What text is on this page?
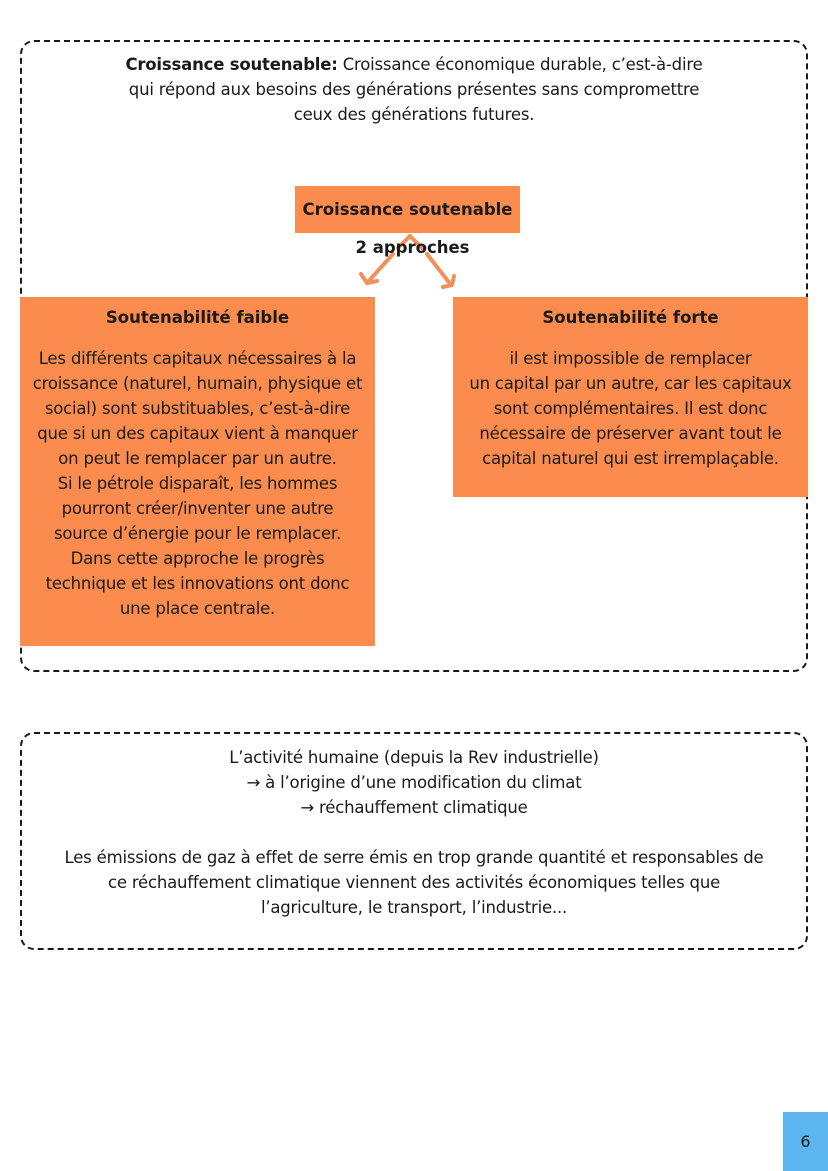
Croissance soutenable: Croissance économique durable, c’est-à-dire
qui répond aux besoins des générations présentes sans compromettre
ceux des générations futures.
Croissance soutenable
2 approches
Soutenabilité faible
Les différents capitaux nécessaires à la
croissance (naturel, humain, physique et
social) sont substituables, c’est-à-dire
que si un des capitaux vient à manquer
on peut le remplacer par un autre.
Si le pétrole disparaît, les hommes
pourront créer/inventer une autre
source d’énergie pour le remplacer.
Dans cette approche le progrès
technique et les innovations ont donc
une place centrale.
Soutenabilité forte
il est impossible de remplacer
un capital par un autre, car les capitaux
sont complémentaires. Il est donc
nécessaire de préserver avant tout le
capital naturel qui est irremplaçable.
L’activité humaine (depuis la Rev industrielle)
→ à l’origine d’une modification du climat
→ réchauffement climatique
Les émissions de gaz à effet de serre émis en trop grande quantité et responsables de
ce réchauffement climatique viennent des activités économiques telles que
l’agriculture, le transport, l’industrie...
6
